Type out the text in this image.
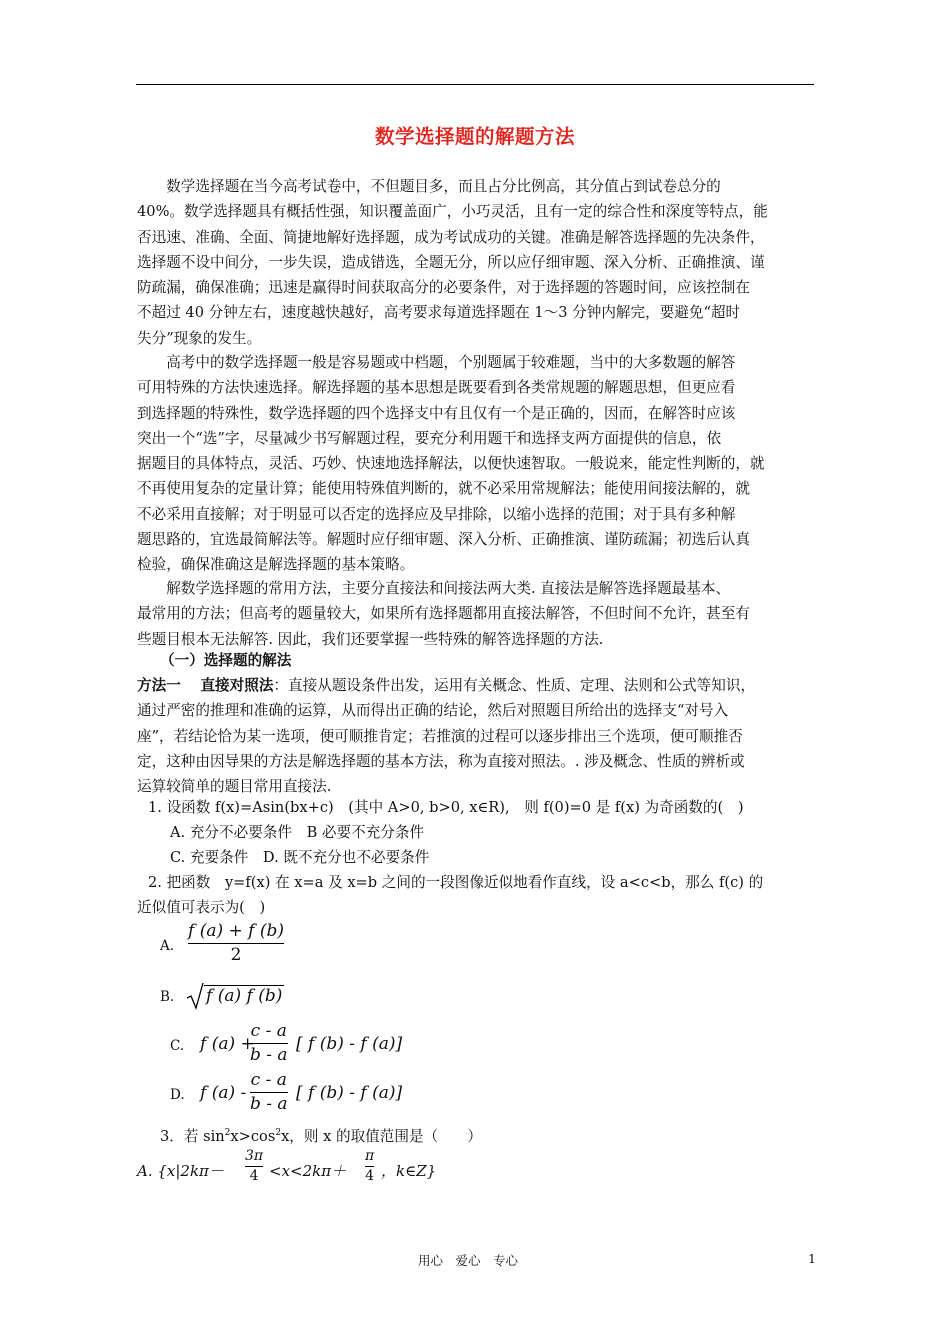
数学选择题的解题方法
　　数学选择题在当今高考试卷中，不但题目多，而且占分比例高，其分值占到试卷总分的
40%。数学选择题具有概括性强，知识覆盖面广，小巧灵活，且有一定的综合性和深度等特点，能
否迅速、准确、全面、简捷地解好选择题，成为考试成功的关键。准确是解答选择题的先决条件，
选择题不设中间分，一步失误，造成错选，全题无分，所以应仔细审题、深入分析、正确推演、谨
防疏漏，确保准确；迅速是赢得时间获取高分的必要条件，对于选择题的答题时间，应该控制在
不超过 40 分钟左右，速度越快越好，高考要求每道选择题在 1～3 分钟内解完，要避免“超时
失分”现象的发生。
　　高考中的数学选择题一般是容易题或中档题，个别题属于较难题，当中的大多数题的解答
可用特殊的方法快速选择。解选择题的基本思想是既要看到各类常规题的解题思想，但更应看
到选择题的特殊性，数学选择题的四个选择支中有且仅有一个是正确的，因而，在解答时应该
突出一个“选”字，尽量减少书写解题过程，要充分利用题干和选择支两方面提供的信息，依
据题目的具体特点，灵活、巧妙、快速地选择解法，以便快速智取。一般说来，能定性判断的，就
不再使用复杂的定量计算；能使用特殊值判断的，就不必采用常规解法；能使用间接法解的，就
不必采用直接解；对于明显可以否定的选择应及早排除，以缩小选择的范围；对于具有多种解
题思路的，宜选最简解法等。解题时应仔细审题、深入分析、正确推演、谨防疏漏；初选后认真
检验，确保准确这是解选择题的基本策略。
　　解数学选择题的常用方法，主要分直接法和间接法两大类. 直接法是解答选择题最基本、
最常用的方法；但高考的题量较大，如果所有选择题都用直接法解答，不但时间不允许，甚至有
些题目根本无法解答. 因此，我们还要掌握一些特殊的解答选择题的方法.
（一）选择题的解法
方法一　 直接对照法：直接从题设条件出发，运用有关概念、性质、定理、法则和公式等知识，
通过严密的推理和准确的运算，从而得出正确的结论，然后对照题目所给出的选择支“对号入
座”，若结论恰为某一选项，便可顺推肯定；若推演的过程可以逐步排出三个选项，便可顺推否
定，这种由因导果的方法是解选择题的基本方法，称为直接对照法。. 涉及概念、性质的辨析或
运算较简单的题目常用直接法.
1. 设函数 f(x)=Asin(bx+c)　(其中 A>0, b>0, x∈R),　则 f(0)=0 是 f(x) 为奇函数的(　)
A. 充分不必要条件　B 必要不充分条件
C. 充要条件　D. 既不充分也不必要条件
2. 把函数　y=f(x) 在 x=a 及 x=b 之间的一段图像近似地看作直线，设 a<c<b，那么 f(c) 的
近似值可表示为(　)
A.
f (a) + f (b)
2
B.	f (a) f (b)
C. f (a) +
c - a
b - a
[ f (b) - f (a)]
D. f (a) -
c - a
b - a
[ f (b) - f (a)]
3．若 $\sin^2x>\cos^2x$，则 x 的取值范围是（　　）
A. {x|2kπ－
3π
4 <x<2kπ＋
π
4 ，k∈Z}
用心　爱心　专心	1
